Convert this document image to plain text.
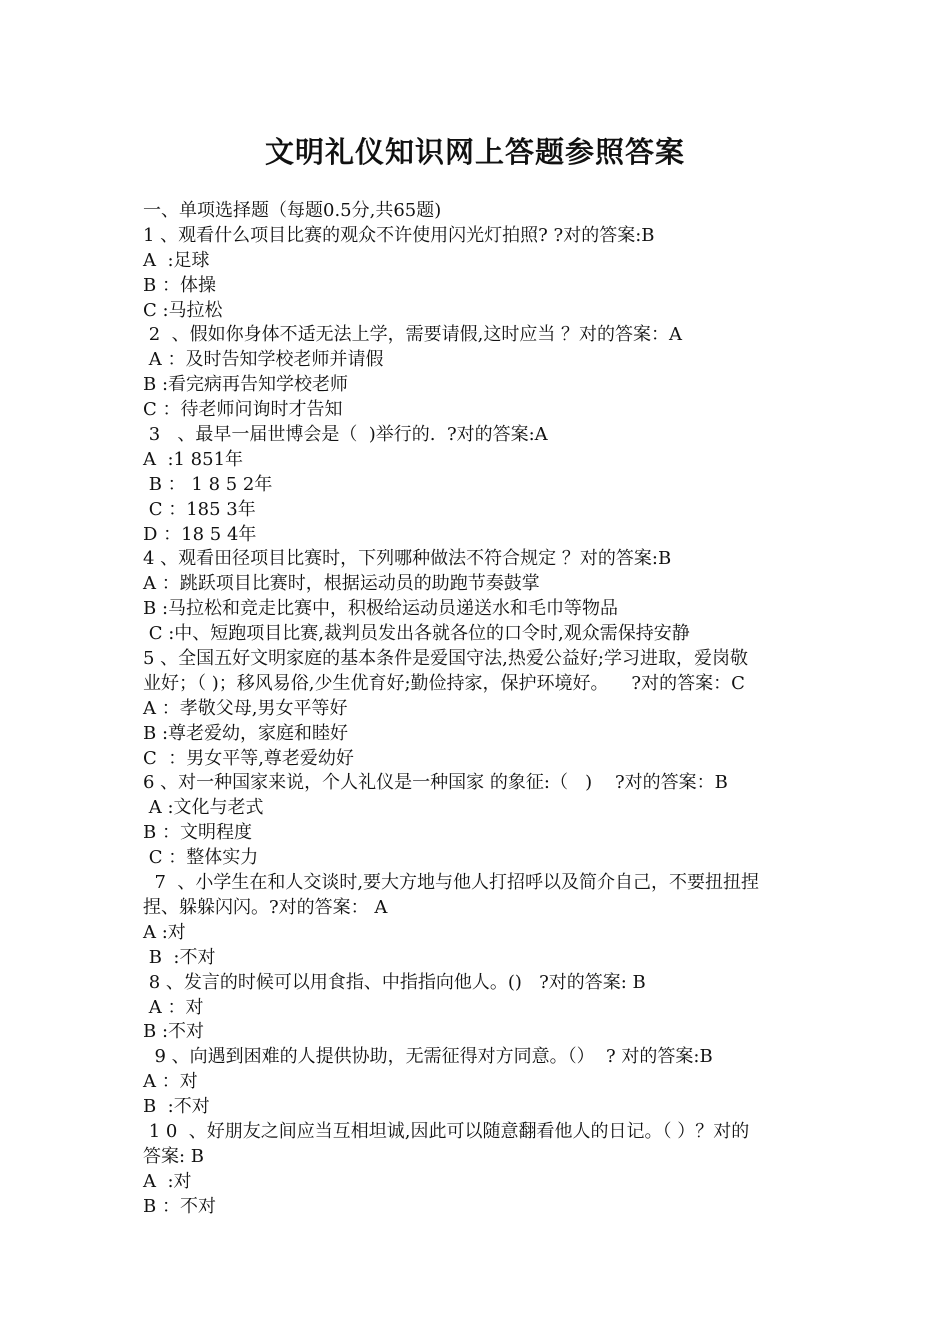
文明礼仪知识网上答题参照答案
一、单项选择题（每题0.5分,共65题)
1 、观看什么项目比赛的观众不许使用闪光灯拍照? ?对的答案:B
A  :足球
B ：体操
C :马拉松
2  、假如你身体不适无法上学，需要请假,这时应当 ？对的答案：A
A ：及时告知学校老师并请假
B :看完病再告知学校老师
C ：待老师问询时才告知
3   、最早一届世博会是（  )举行的.  ?对的答案:A
A  :1 851年
B ： 1 8 5 2年
C ：185 3年
D ：18 5 4年
4 、观看田径项目比赛时，下列哪种做法不符合规定 ？对的答案:B
A ：跳跃项目比赛时，根据运动员的助跑节奏鼓掌
B :马拉松和竞走比赛中，积极给运动员递送水和毛巾等物品
C :中、短跑项目比赛,裁判员发出各就各位的口令时,观众需保持安静
5 、全国五好文明家庭的基本条件是爱国守法,热爱公益好;学习进取，爱岗敬
业好；（ )；移风易俗,少生优育好;勤俭持家，保护环境好。    ?对的答案：C
A ：孝敬父母,男女平等好
B :尊老爱幼，家庭和睦好
C  ：男女平等,尊老爱幼好
6 、对一种国家来说，个人礼仪是一种国家 的象征:（   )    ?对的答案：B
A :文化与老式
B ：文明程度
C ：整体实力
7  、小学生在和人交谈时,要大方地与他人打招呼以及简介自己，不要扭扭捏
捏、躲躲闪闪。?对的答案： A
A :对
B  :不对
8 、发言的时候可以用食指、中指指向他人。()   ?对的答案: B
A ：对
B :不对
9 、向遇到困难的人提供协助，无需征得对方同意。（）  ? 对的答案:B
A ：对
B  :不对
1 0  、好朋友之间应当互相坦诚,因此可以随意翻看他人的日记。（ ）？对的
答案: B
A  :对
B ：不对
